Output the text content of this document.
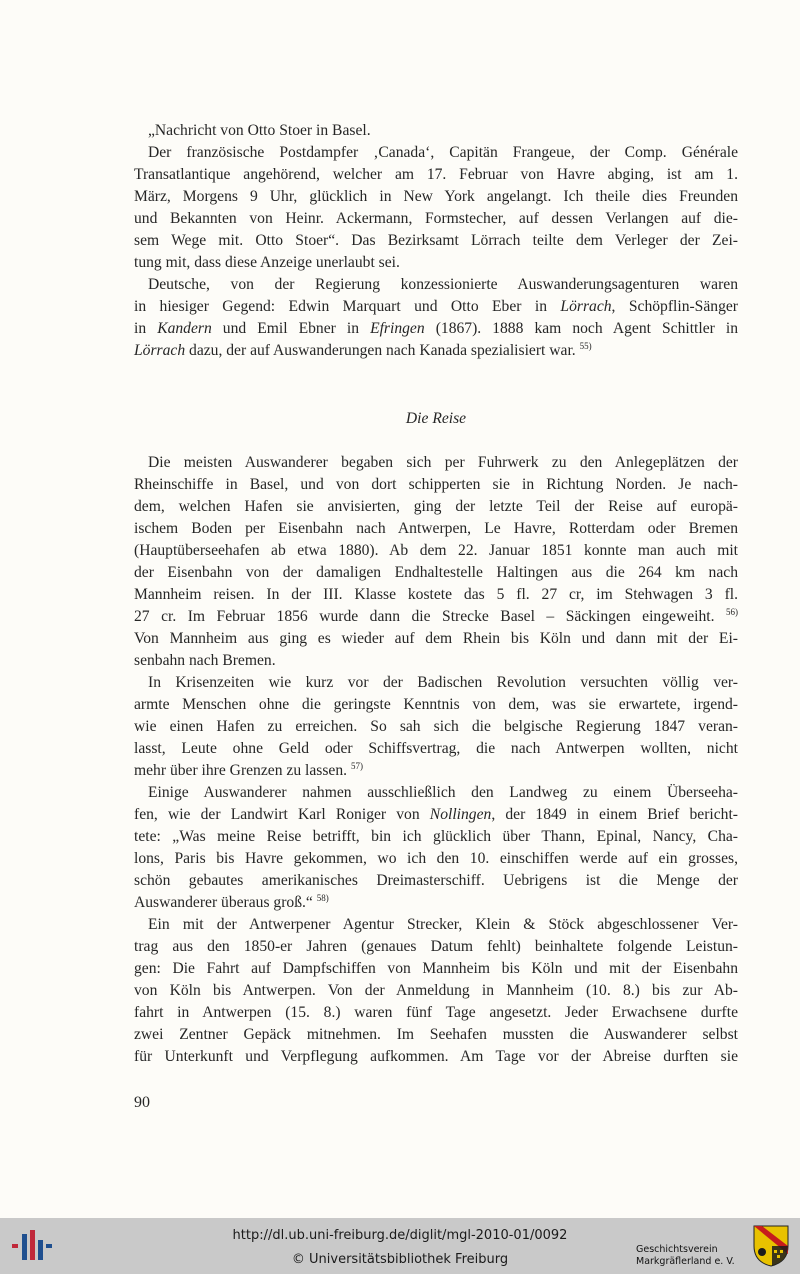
„Nachricht von Otto Stoer in Basel.

Der französische Postdampfer ‚Canada‘, Capitän Frangeue, der Comp. Générale
Transatlantique angehörend, welcher am 17. Februar von Havre abging, ist am 1.
März, Morgens 9 Uhr, glücklich in New York angelangt. Ich theile dies Freunden
und Bekannten von Heinr. Ackermann, Formstecher, auf dessen Verlangen auf die-
sem Wege mit. Otto Stoer“. Das Bezirksamt Lörrach teilte dem Verleger der Zei-
tung mit, dass diese Anzeige unerlaubt sei.

Deutsche, von der Regierung konzessionierte Auswanderungsagenturen waren
in hiesiger Gegend: Edwin Marquart und Otto Eber in Lörrach, Schöpflin-Sänger
in Kandern und Emil Ebner in Efringen (1867). 1888 kam noch Agent Schittler in
Lörrach dazu, der auf Auswanderungen nach Kanada spezialisiert war. $^{55)}$

Die Reise

Die meisten Auswanderer begaben sich per Fuhrwerk zu den Anlegeplätzen der
Rheinschiffe in Basel, und von dort schipperten sie in Richtung Norden. Je nach-
dem, welchen Hafen sie anvisierten, ging der letzte Teil der Reise auf europä-
ischem Boden per Eisenbahn nach Antwerpen, Le Havre, Rotterdam oder Bremen
(Hauptüberseehafen ab etwa 1880). Ab dem 22. Januar 1851 konnte man auch mit
der Eisenbahn von der damaligen Endhaltestelle Haltingen aus die 264 km nach
Mannheim reisen. In der III. Klasse kostete das 5 fl. 27 cr, im Stehwagen 3 fl.
27 cr. Im Februar 1856 wurde dann die Strecke Basel – Säckingen eingeweiht. $^{56)}$
Von Mannheim aus ging es wieder auf dem Rhein bis Köln und dann mit der Ei-
senbahn nach Bremen.

In Krisenzeiten wie kurz vor der Badischen Revolution versuchten völlig ver-
armte Menschen ohne die geringste Kenntnis von dem, was sie erwartete, irgend-
wie einen Hafen zu erreichen. So sah sich die belgische Regierung 1847 veran-
lasst, Leute ohne Geld oder Schiffsvertrag, die nach Antwerpen wollten, nicht
mehr über ihre Grenzen zu lassen. $^{57)}$

Einige Auswanderer nahmen ausschließlich den Landweg zu einem Überseeha-
fen, wie der Landwirt Karl Roniger von Nollingen, der 1849 in einem Brief bericht-
tete: „Was meine Reise betrifft, bin ich glücklich über Thann, Epinal, Nancy, Cha-
lons, Paris bis Havre gekommen, wo ich den 10. einschiffen werde auf ein grosses,
schön gebautes amerikanisches Dreimasterschiff. Uebrigens ist die Menge der
Auswanderer überaus groß.“ $^{58)}$

Ein mit der Antwerpener Agentur Strecker, Klein & Stöck abgeschlossener Ver-
trag aus den 1850-er Jahren (genaues Datum fehlt) beinhaltete folgende Leistun-
gen: Die Fahrt auf Dampfschiffen von Mannheim bis Köln und mit der Eisenbahn
von Köln bis Antwerpen. Von der Anmeldung in Mannheim (10. 8.) bis zur Ab-
fahrt in Antwerpen (15. 8.) waren fünf Tage angesetzt. Jeder Erwachsene durfte
zwei Zentner Gepäck mitnehmen. Im Seehafen mussten die Auswanderer selbst
für Unterkunft und Verpflegung aufkommen. Am Tage vor der Abreise durften sie

90
http://dl.ub.uni-freiburg.de/diglit/mgl-2010-01/0092
© Universitätsbibliothek Freiburg
Geschichtsverein
Markgräflerland e. V.
